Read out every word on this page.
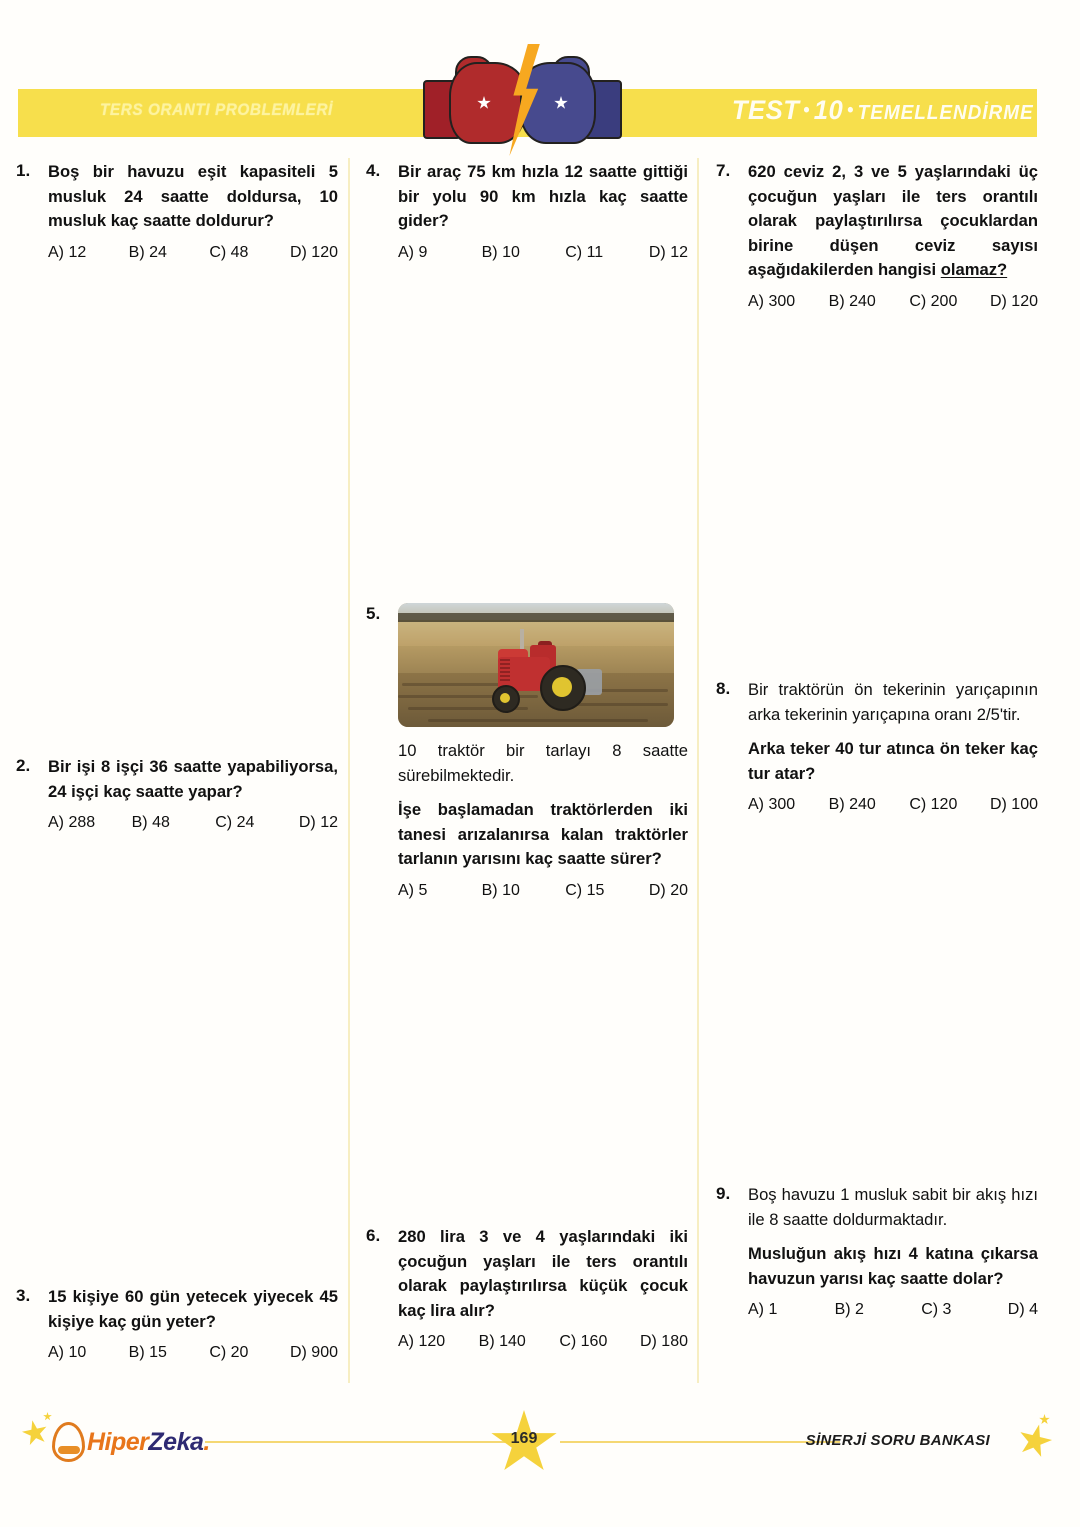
TERS ORANTI PROBLEMLERİ	TEST • 10 • TEMELLENDİRME
1.	Boş bir havuzu eşit kapasiteli 5 musluk 24 saatte doldursa, 10 musluk kaç saatte doldurur?

A) 12	B) 24	C) 48	D) 120
2.	Bir işi 8 işçi 36 saatte yapabiliyorsa, 24 işçi kaç saatte yapar?

A) 288	B) 48	C) 24	D) 12
3.	15 kişiye 60 gün yetecek yiyecek 45 kişiye kaç gün yeter?

A) 10	B) 15	C) 20	D) 900
4.	Bir araç 75 km hızla 12 saatte gittiği bir yolu 90 km hızla kaç saatte gider?

A) 9	B) 10	C) 11	D) 12
5.

10 traktör bir tarlayı 8 saatte sürebilmektedir.

İşe başlamadan traktörlerden iki tanesi arızalanırsa kalan traktörler tarlanın yarısını kaç saatte sürer?

A) 5	B) 10	C) 15	D) 20
6.	280 lira 3 ve 4 yaşlarındaki iki çocuğun yaşları ile ters orantılı olarak paylaştırılırsa küçük çocuk kaç lira alır?

A) 120	B) 140	C) 160	D) 180
7.	620 ceviz 2, 3 ve 5 yaşlarındaki üç çocuğun yaşları ile ters orantılı olarak paylaştırılırsa çocuklardan birine düşen ceviz sayısı aşağıdakilerden hangisi olamaz?

A) 300	B) 240	C) 200	D) 120
8.	Bir traktörün ön tekerinin yarıçapının arka tekerinin yarıçapına oranı 2/5'tir.

Arka teker 40 tur atınca ön teker kaç tur atar?

A) 300	B) 240	C) 120	D) 100
9.	Boş havuzu 1 musluk sabit bir akış hızı ile 8 saatte doldurmaktadır.

Musluğun akış hızı 4 katına çıkarsa havuzun yarısı kaç saatte dolar?

A) 1	B) 2	C) 3	D) 4
HiperZeka	169	SİNERJİ SORU BANKASI
